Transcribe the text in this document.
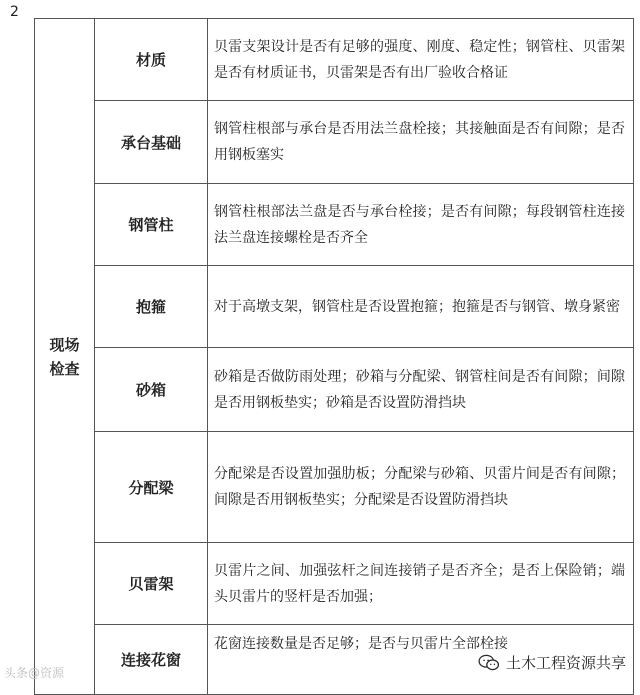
2
现场检查	材质	贝雷支架设计是否有足够的强度、刚度、稳定性；钢管柱、贝雷架是否有材质证书，贝雷架是否有出厂验收合格证
	承台基础	钢管柱根部与承台是否用法兰盘栓接；其接触面是否有间隙；是否用钢板塞实
	钢管柱	钢管柱根部法兰盘是否与承台栓接；是否有间隙；每段钢管柱连接法兰盘连接螺栓是否齐全
	抱箍	对于高墩支架，钢管柱是否设置抱箍；抱箍是否与钢管、墩身紧密
	砂箱	砂箱是否做防雨处理；砂箱与分配梁、钢管柱间是否有间隙；间隙是否用钢板垫实；砂箱是否设置防滑挡块
	分配梁	分配梁是否设置加强肋板；分配梁与砂箱、贝雷片间是否有间隙；间隙是否用钢板垫实；分配梁是否设置防滑挡块
	贝雷架	贝雷片之间、加强弦杆之间连接销子是否齐全；是否上保险销；端头贝雷片的竖杆是否加强；
	连接花窗	花窗连接数量是否足够；是否与贝雷片全部栓接
头条@资源
土木工程资源共享
